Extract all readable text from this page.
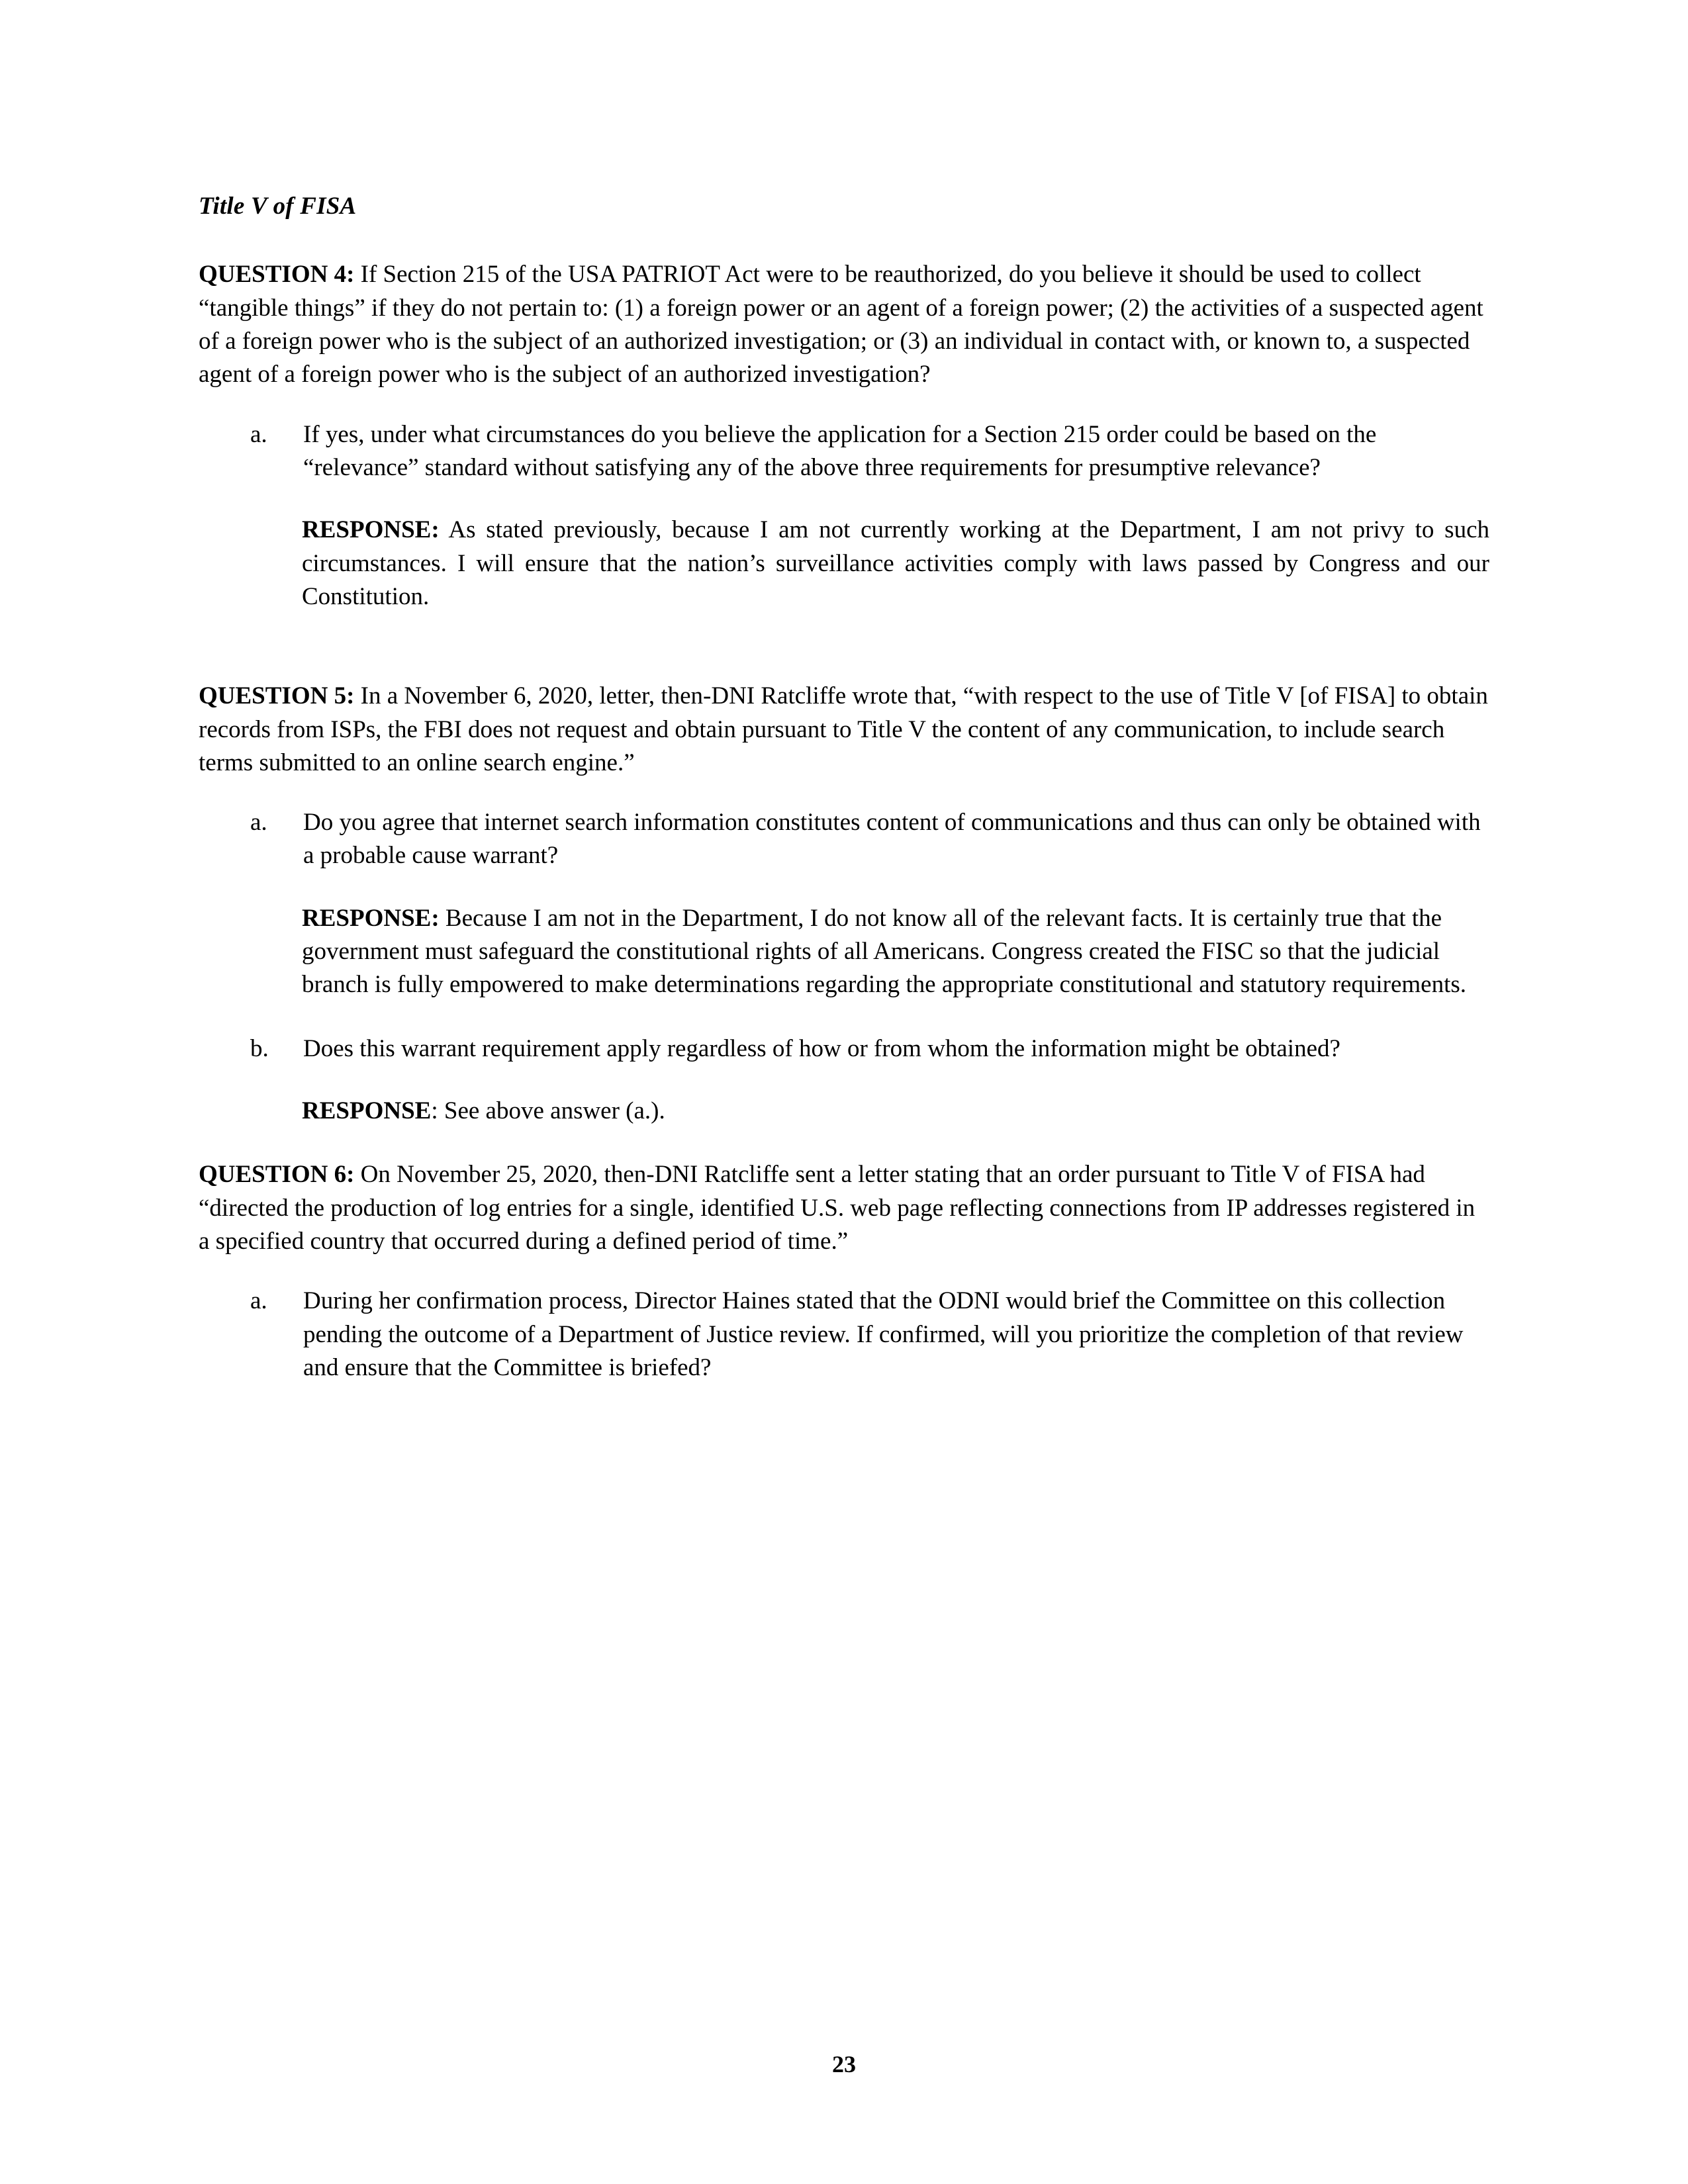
Title V of FISA

QUESTION 4: If Section 215 of the USA PATRIOT Act were to be reauthorized, do you believe it should be used to collect “tangible things” if they do not pertain to: (1) a foreign power or an agent of a foreign power; (2) the activities of a suspected agent of a foreign power who is the subject of an authorized investigation; or (3) an individual in contact with, or known to, a suspected agent of a foreign power who is the subject of an authorized investigation?

a.	If yes, under what circumstances do you believe the application for a Section 215 order could be based on the “relevance” standard without satisfying any of the above three requirements for presumptive relevance?

RESPONSE: As stated previously, because I am not currently working at the Department, I am not privy to such circumstances. I will ensure that the nation’s surveillance activities comply with laws passed by Congress and our Constitution.

QUESTION 5: In a November 6, 2020, letter, then-DNI Ratcliffe wrote that, “with respect to the use of Title V [of FISA] to obtain records from ISPs, the FBI does not request and obtain pursuant to Title V the content of any communication, to include search terms submitted to an online search engine.”

a.	Do you agree that internet search information constitutes content of communications and thus can only be obtained with a probable cause warrant?

RESPONSE: Because I am not in the Department, I do not know all of the relevant facts. It is certainly true that the government must safeguard the constitutional rights of all Americans. Congress created the FISC so that the judicial branch is fully empowered to make determinations regarding the appropriate constitutional and statutory requirements.

b.	Does this warrant requirement apply regardless of how or from whom the information might be obtained?

RESPONSE: See above answer (a.).

QUESTION 6: On November 25, 2020, then-DNI Ratcliffe sent a letter stating that an order pursuant to Title V of FISA had “directed the production of log entries for a single, identified U.S. web page reflecting connections from IP addresses registered in a specified country that occurred during a defined period of time.”

a.	During her confirmation process, Director Haines stated that the ODNI would brief the Committee on this collection pending the outcome of a Department of Justice review. If confirmed, will you prioritize the completion of that review and ensure that the Committee is briefed?
23
